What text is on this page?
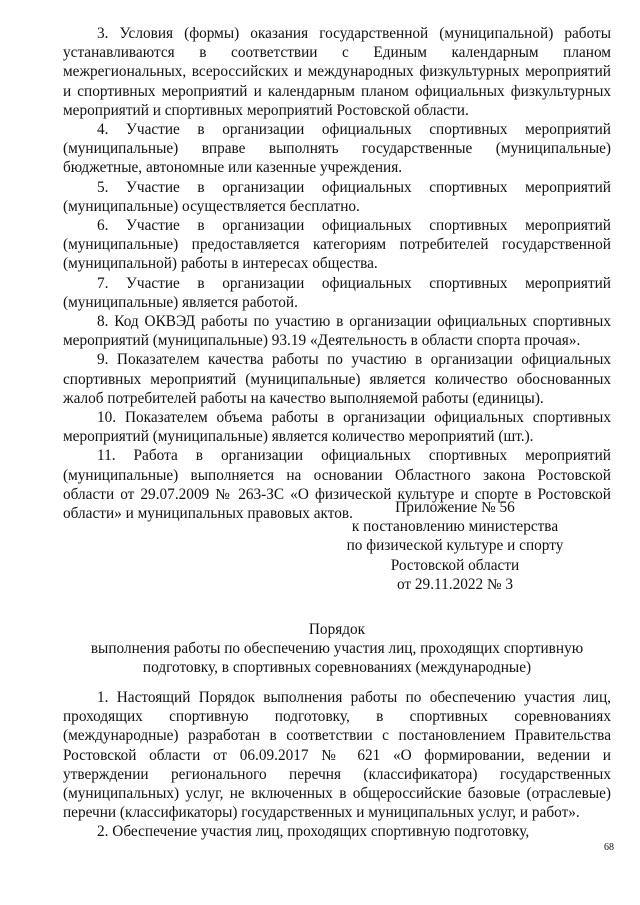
3. Условия (формы) оказания государственной (муниципальной) работы устанавливаются в соответствии с Единым календарным планом межрегиональных, всероссийских и международных физкультурных мероприятий и спортивных мероприятий и календарным планом официальных физкультурных мероприятий и спортивных мероприятий Ростовской области.

4. Участие в организации официальных спортивных мероприятий (муниципальные) вправе выполнять государственные (муниципальные) бюджетные, автономные или казенные учреждения.

5. Участие в организации официальных спортивных мероприятий (муниципальные) осуществляется бесплатно.

6. Участие в организации официальных спортивных мероприятий (муниципальные) предоставляется категориям потребителей государственной (муниципальной) работы в интересах общества.

7. Участие в организации официальных спортивных мероприятий (муниципальные) является работой.

8. Код ОКВЭД работы по участию в организации официальных спортивных мероприятий (муниципальные) 93.19 «Деятельность в области спорта прочая».

9. Показателем качества работы по участию в организации официальных спортивных мероприятий (муниципальные) является количество обоснованных жалоб потребителей работы на качество выполняемой работы (единицы).

10. Показателем объема работы в организации официальных спортивных мероприятий (муниципальные) является количество мероприятий (шт.).

11. Работа в организации официальных спортивных мероприятий (муниципальные) выполняется на основании Областного закона Ростовской области от 29.07.2009 № 263-ЗС «О физической культуре и спорте в Ростовской области» и муниципальных правовых актов.	Приложение № 56
к постановлению министерства
по физической культуре и спорту
Ростовской области
от 29.11.2022 № 3
Порядок
выполнения работы по обеспечению участия лиц, проходящих спортивную
подготовку, в спортивных соревнованиях (международные)

1. Настоящий Порядок выполнения работы по обеспечению участия лиц, проходящих спортивную подготовку, в спортивных соревнованиях (международные) разработан в соответствии с постановлением Правительства Ростовской области от 06.09.2017 № 621 «О формировании, ведении и утверждении регионального перечня (классификатора) государственных (муниципальных) услуг, не включенных в общероссийские базовые (отраслевые) перечни (классификаторы) государственных и муниципальных услуг, и работ».

2. Обеспечение участия лиц, проходящих спортивную подготовку,

68
